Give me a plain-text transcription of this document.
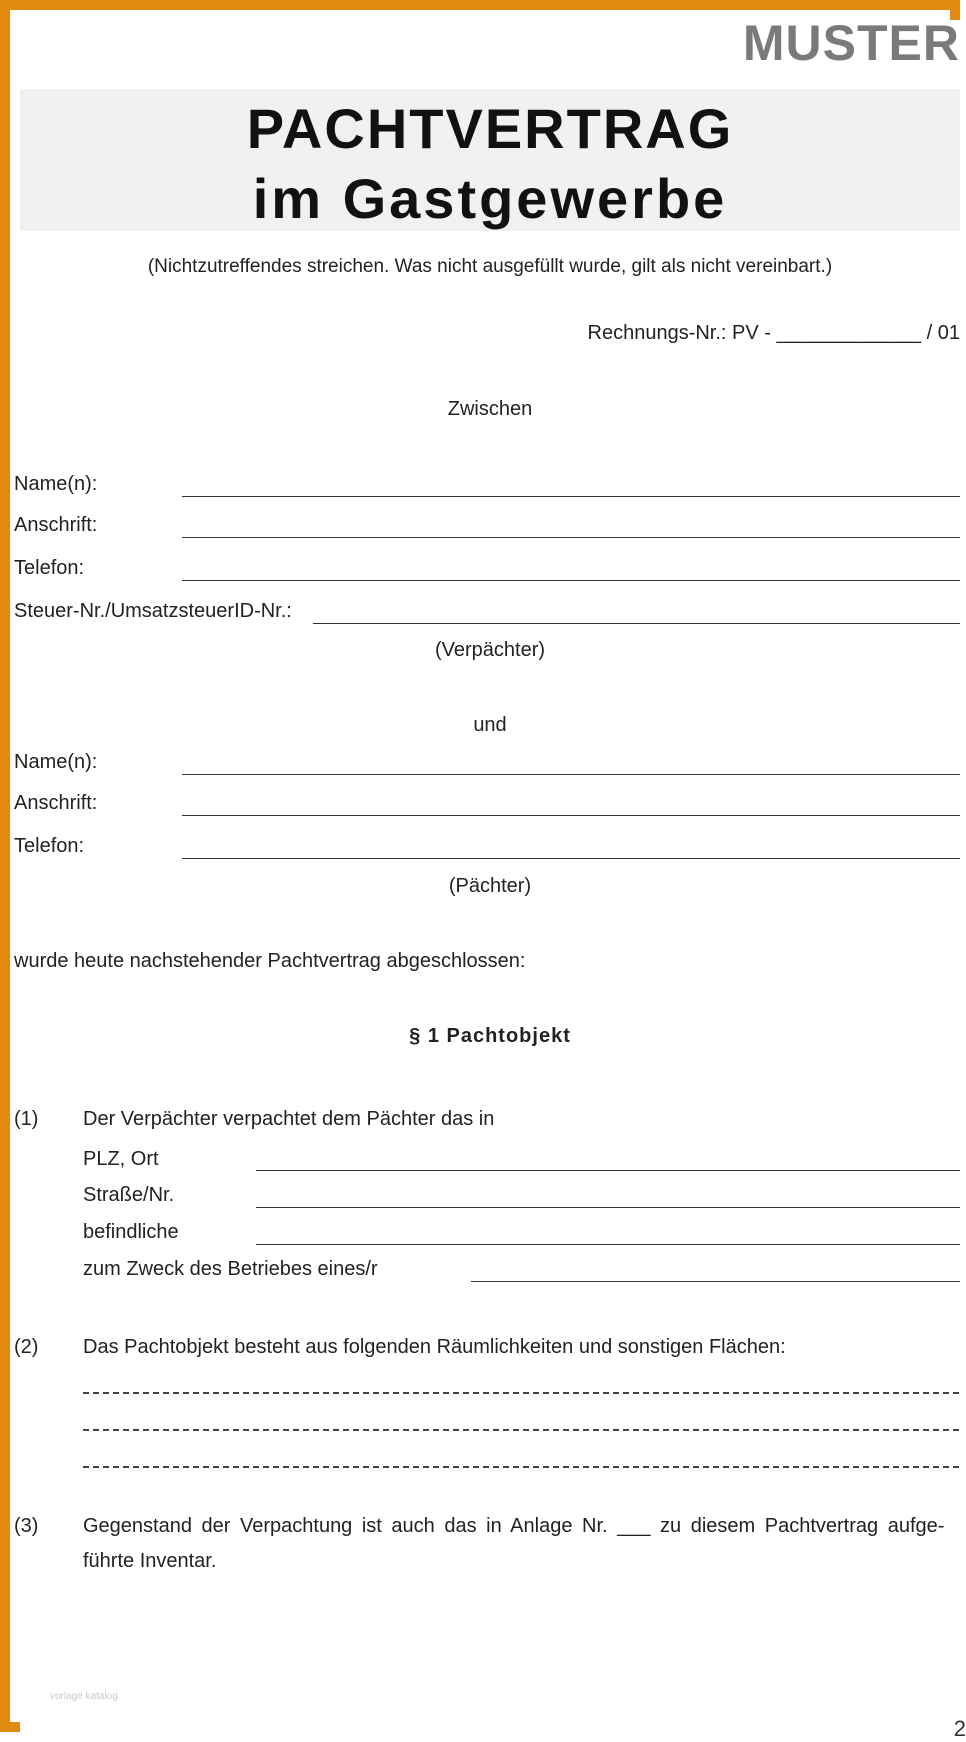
MUSTER
PACHTVERTRAG
im Gastgewerbe
(Nichtzutreffendes streichen. Was nicht ausgefüllt wurde, gilt als nicht vereinbart.)
Rechnungs-Nr.: PV - _____________ / 01
Zwischen
Name(n):
Anschrift:
Telefon:
Steuer-Nr./UmsatzsteuerID-Nr.:
(Verpächter)
und
Name(n):
Anschrift:
Telefon:
(Pächter)
wurde heute nachstehender Pachtvertrag abgeschlossen:
§ 1 Pachtobjekt
(1) Der Verpächter verpachtet dem Pächter das in
PLZ, Ort
Straße/Nr.
befindliche
zum Zweck des Betriebes eines/r
(2) Das Pachtobjekt besteht aus folgenden Räumlichkeiten und sonstigen Flächen:
(3) Gegenstand der Verpachtung ist auch das in Anlage Nr. ___ zu diesem Pachtvertrag aufge-
führte Inventar.
vorlage katalog
2
